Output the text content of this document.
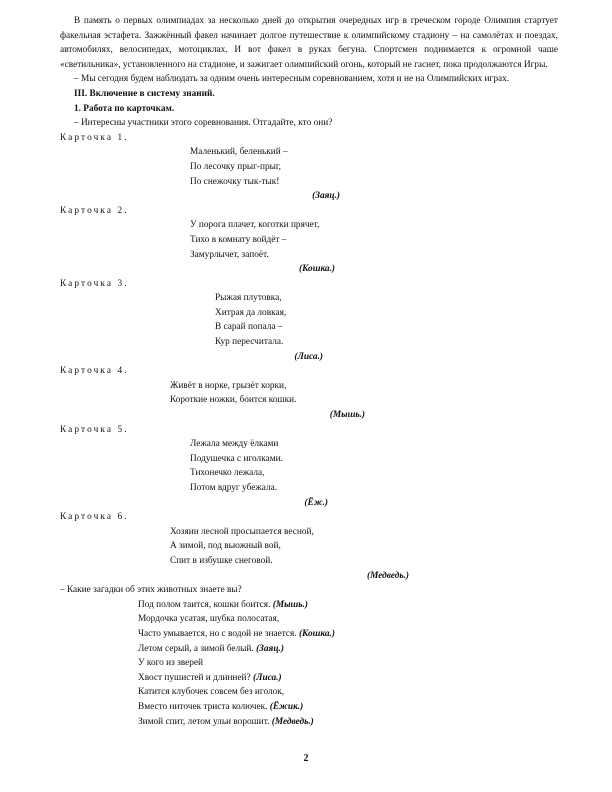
В память о первых олимпиадах за несколько дней до открытия очередных игр в греческом городе Олимпия стартует факельная эстафета. Зажжённый факел начинает долгое путешествие к олимпийскому стадиону – на самолётах и поездах, автомобилях, велосипедах, мотоциклах. И вот факел в руках бегуна. Спортсмен поднимается к огромной чаше «светильника», установленного на стадионе, и зажигает олимпийский огонь, который не гаснет, пока продолжаются Игры.

– Мы сегодня будем наблюдать за одним очень интересным соревнованием, хотя и не на Олимпийских играх.

III. Включение в систему знаний.

1. Работа по карточкам.

– Интересны участники этого соревнования. Отгадайте, кто они?

Карточка 1.

Маленький, беленький –

По лесочку прыг-прыг,

По снежочку тык-тык!

(Заяц.)

Карточка 2.

У порога плачет, коготки прячет,

Тихо в комнату войдёт –

Замурлычет, запоёт.

(Кошка.)

Карточка 3.

Рыжая плутовка,

Хитрая да ловкая,

В сарай попала –

Кур пересчитала.

(Лиса.)

Карточка 4.

Живёт в норке, грызёт корки,

Короткие ножки, боится кошки.

(Мышь.)

Карточка 5.

Лежала между ёлками

Подушечка с иголками.

Тихонечко лежала,

Потом вдруг убежала.

(Ёж.)

Карточка 6.

Хозяин лесной просыпается весной,

А зимой, под вьюжный вой,

Спит в избушке снеговой.

(Медведь.)

– Какие загадки об этих животных знаете вы?

Под полом таится, кошки боится. (Мышь.)

Мордочка усатая, шубка полосатая,

Часто умывается, но с водой не знается. (Кошка.)

Летом серый, а зимой белый. (Заяц.)

У кого из зверей

Хвост пушистей и длинней? (Лиса.)

Катится клубочек совсем без иголок,

Вместо ниточек триста колючек. (Ёжик.)

Зимой спит, летом ульи ворошит. (Медведь.)

2
